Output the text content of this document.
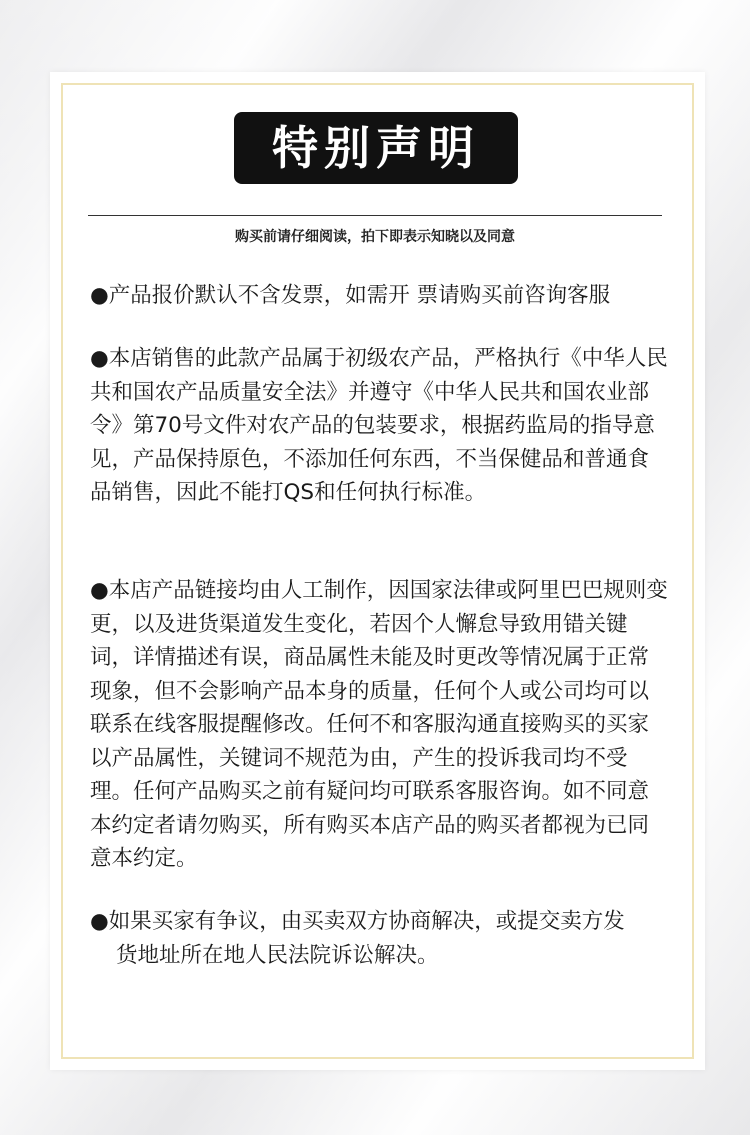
特别声明
购买前请仔细阅读，拍下即表示知晓以及同意
●产品报价默认不含发票，如需开 票请购买前咨询客服
●本店销售的此款产品属于初级农产品，严格执行《中华人民共和国农产品质量安全法》并遵守《中华人民共和国农业部令》第70号文件对农产品的包装要求，根据药监局的指导意见，产品保持原色，不添加任何东西，不当保健品和普通食品销售，因此不能打QS和任何执行标准。
●本店产品链接均由人工制作，因国家法律或阿里巴巴规则变更，以及进货渠道发生变化，若因个人懈怠导致用错关键词，详情描述有误，商品属性未能及时更改等情况属于正常现象，但不会影响产品本身的质量，任何个人或公司均可以联系在线客服提醒修改。任何不和客服沟通直接购买的买家以产品属性，关键词不规范为由，产生的投诉我司均不受理。任何产品购买之前有疑问均可联系客服咨询。如不同意本约定者请勿购买，所有购买本店产品的购买者都视为已同意本约定。
●如果买家有争议，由买卖双方协商解决，或提交卖方发
货地址所在地人民法院诉讼解决。
